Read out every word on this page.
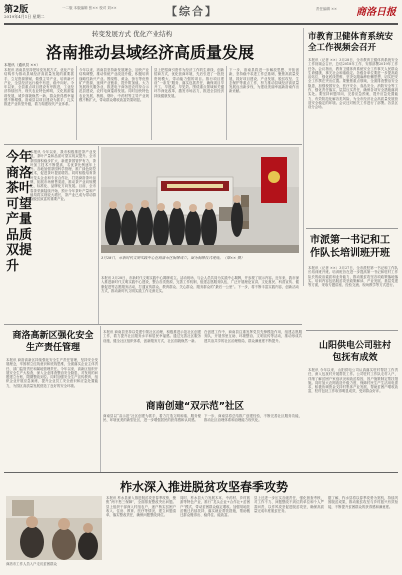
第2版
2019年4月1日 星期二
一二版 本版编辑 张×× 校对 刘××	【综合】	责任编辑 ×× 商洛日报
转变发展方式 优化产业结构
洛南推动县域经济高质量发展
本报讯（通讯员 ××）
本报讯 洛南县坚持把转变发展方式、优化产业结构作为推动县域经济高质量发展的重要抓手，立足资源禀赋，做强主导产业，培育新兴产业，全县经济运行稳中有进、稳中向好。今年以来，全县重点项目建设有序推进，工业经济持续回升，现代农业特色鲜明，文化旅游蓬勃发展，城乡面貌焕然一新，群众获得感幸福感不断增强。洛南县以项目建设为抓手，扎实推进产业转型升级，着力构建现代产业体系。
今年以来，洛南县坚持新发展理念，加快产业结构调整，推动传统产业改造升级，积极培育战略性新兴产业。围绕钼、黄金、萤石等优势矿产资源，延伸产业链条，提升附加值。大力发展现代服务业，推进电子商务进农村综合示范县建设，农村电商蓬勃发展。同时加快特色农业发展，核桃、烟叶、中药材等主导产业规模不断扩大，带动群众增收致富效果明显。
县上把招商引资作为经济工作的生命线，创新招商方式，优化营商环境，先后引进了一批投资规模大、带动能力强的项目。推行项目建设“一条龙”服务，落实包抓责任，确保项目早开工、早建成、早见效。围绕重点领域和关键环节深化改革，激发市场活力，推进全县经济持续健康发展。
下一步，洛南县将进一步解放思想、开拓创新，坚持稳中求进工作总基调，聚焦高质量发展，抓好项目建设、产业发展、脱贫攻坚、生态保护等重点工作，努力推动县域经济高质量发展迈出新步伐，为建设美丽幸福新洛南作出新贡献。
市教育卫健体育系统安全工作视频会召开
本报讯（记者 ××）3月28日，全市教育卫健体育系统安全工作视频会召开，总结2018年工作，安排部署2019年工作任务。会议指出，教育卫健体育系统安全工作事关人民群众生命健康，事关社会和谐稳定。各级各单位要进一步提高政治站位，强化底线思维，坚决克服麻痹松懈思想，切实把安全工作摆在突出位置。要聚焦重点领域，全面排查整治安全隐患，加强校园安全、医疗安全、食品安全、消防安全等工作，强化责任落实，层层压实责任，确保各项安全措施落到实处。要坚持问题导向，完善应急预案，提升应急处置能力，有效防范化解各类风险，为全市经济社会高质量发展营造安全稳定的环境。会议还对相关工作进行了部署。各县区设分会场。
今年
商洛
茶叶
可望
产量
品质
双提
升
本报讯 今年以来，我市积极推进茶产业发展，茶叶产量和品质可望实现双提升。全市茶园面积稳步扩大，新建茶园管护有力，茶叶加工技术不断提高，名优茶比例逐年上升。各地加强茶园科学管理，推广绿色防控技术，促进茶叶提质增效。同时积极培育茶叶龙头企业和专业合作社，打造商洛茶叶品牌，拓展市场销售渠道，推动茶产业向规模化、标准化、品牌化方向发展。目前，全市春茶采摘陆续开始，预计今年茶叶产量和产值均将实现较大增长，茶产业已成为带动群众脱贫致富的重要产业。
3月28日，市新时代文明实践中心在商洛市区揭牌成立。图为揭牌仪式现场。（郑×× 摄）
本报讯 3月28日，市新时代文明实践中心揭牌成立。活动现场，与会人员共同为实践中心揭牌，并参观了展示内容。近年来，我市深入推进新时代文明实践中心建设，整合各类资源，完善工作机制，组建志愿服务队伍，广泛开展理论宣讲、文化惠民、科普宣传、健康促进等志愿服务活动，打通宣传群众、教育群众、关心群众、服务群众的“最后一公里”。下一步，将不断丰富实践内容，创新活动方式，推动新时代文明实践工作走深走实。
市派第一书记和工作队长培训班开班
本报讯（记者 ××）3月27日，全市派驻第一书记和工作队长培训班开班。培训班旨在进一步提高第一书记和驻村工作队长的政治素质和业务能力，推动脱贫攻坚各项政策落地落实。培训内容包括脱贫攻坚政策解读、产业发展、基层党建等方面，采取专题讲座、经验交流、现场教学等方式进行。
商洛高新区强化安全生产责任管理
本报讯 商洛高新区持续强化安全生产责任管理，坚持安全发展理念，牢固树立红线意识和底线思维，全面落实企业主体责任、部门监管责任和属地管理责任。今年以来，高新区组织开展安全生产大检查，深入企业排查整治安全隐患，对发现的问题建立台账，限期整改到位。同时加强安全生产宣传教育，组织企业开展应急演练，提升企业员工安全意识和应急处置能力，为园区高质量发展营造了良好的安全环境。
本报讯 商南县坚持以党建引领社区治理，积极推进示范社区创建工作，着力提升社区服务水平和居民幸福感。通过完善社区服务设施，健全社区组织体系，创新服务方式，社区面貌焕然一新。
在创建工作中，商南县注重发挥党员先锋模范作用，组建志愿服务队，开展邻里互助、环境整治、文明宣传等活动，推动形成共建共治共享的社区治理格局，群众满意度不断提升。
山阳供电公司驻村包抚有成效
本报讯 今年以来，山阳供电公司认真落实驻村帮扶工作责任，深入包抚村开展帮扶工作。公司驻村工作队走村入户，详细了解贫困户家庭状况和致贫原因，因户施策制定帮扶措施。同时加大农网改造升级力度，保障村民生产生活用电需求，积极协调资金支持村集体产业发展，帮助贫困户增收致富，驻村包抚工作取得明显成效，受到群众好评。
商南创建“双示范”社区
商南县以“双示范”社区创建为抓手，着力打造文明和谐、服务便民、环境优美的新型社区，进一步增强居民的获得感和认同感。
下一步，商南县将总结推广创建经验，不断完善社区服务功能，推动社区治理体系和治理能力现代化。
柞水深入推进脱贫攻坚春季攻势
商洛市工作人员入户走访贫困群众
本报讯 柞水县深入推进脱贫攻坚春季攻势，聚焦“两不愁三保障”，全面排查整改突出问题。县上组织干部深入村组农户，逐户核实贫困户收入、住房、教育、医疗等情况，建立问题清单，落实整改责任，确保问题整改到位。
同时，柞水县大力发展木耳、中药材、乡村旅游等特色产业，推行“龙头企业+合作社+贫困户”模式，带动贫困群众稳定增收。加强易地扶贫搬迁后续扶持，落实就业帮扶措施，帮助搬迁群众搬得出、稳得住、能致富。
县上还进一步压实各级责任，强化督查考核，对工作不力、问题整改不到位的单位和个人严肃问责，以作风攻坚促进脱贫攻坚，确保高质量完成年度脱贫任务。
据了解，柞水县将以春季攻势为契机，持续巩固脱贫成果，推动脱贫攻坚与乡村振兴有效衔接，不断提升贫困群众的获得感和满意度。
